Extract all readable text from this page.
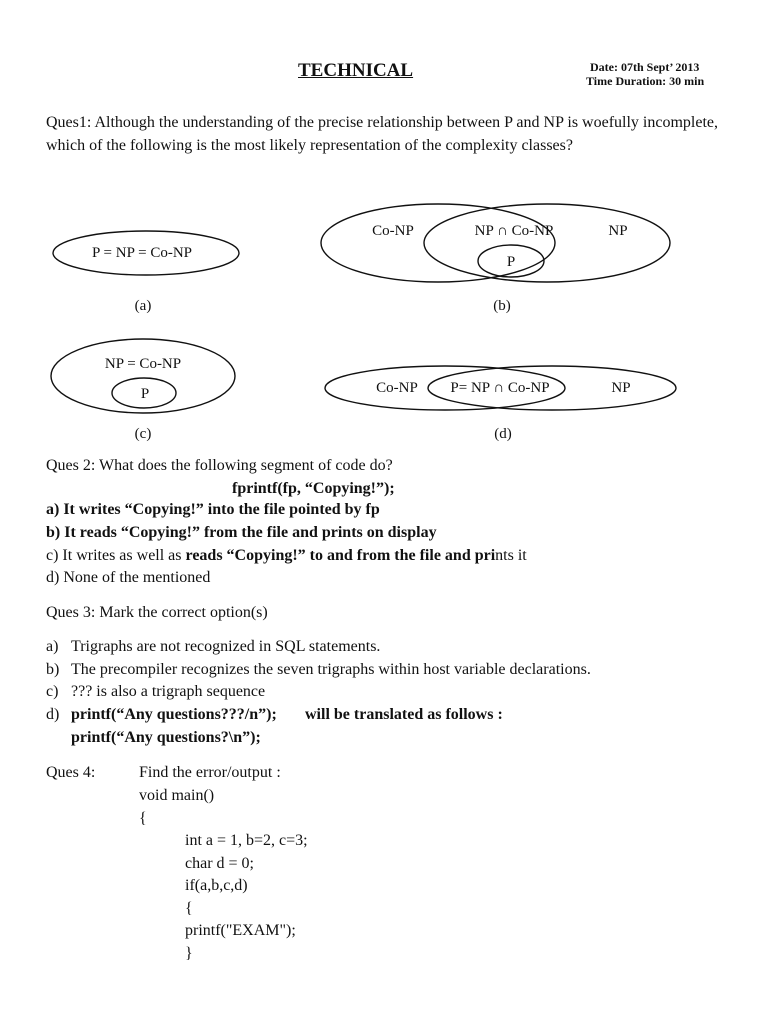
TECHNICAL	Date: 07th Sept’ 2013
Time Duration: 30 min
Ques1: Although the understanding of the precise relationship between P and NP is woefully incomplete, which of the following is the most likely representation of the complexity classes?
P = NP = Co-NP
(a)
Co-NP	NP ∩ Co-NP	NP
P
(b)
NP = Co-NP
P
(c)
Co-NP P= NP ∩ Co-NP	NP
(d)
Ques 2: What does the following segment of code do?
fprintf(fp, “Copying!”);
a) It writes “Copying!” into the file pointed by fp
b) It reads “Copying!” from the file and prints on display
c) It writes as well as reads “Copying!” to and from the file and prints it
d) None of the mentioned
Ques 3: Mark the correct option(s)
a) Trigraphs are not recognized in SQL statements.
b) The precompiler recognizes the seven trigraphs within host variable declarations.
c) ??? is also a trigraph sequence
d) printf(“Any questions???/n”); will be translated as follows :
printf(“Any questions?\n”);
Ques 4:	Find the error/output :
void main()
{
int a = 1, b=2, c=3;
char d = 0;
if(a,b,c,d)
{
printf("EXAM");
}
